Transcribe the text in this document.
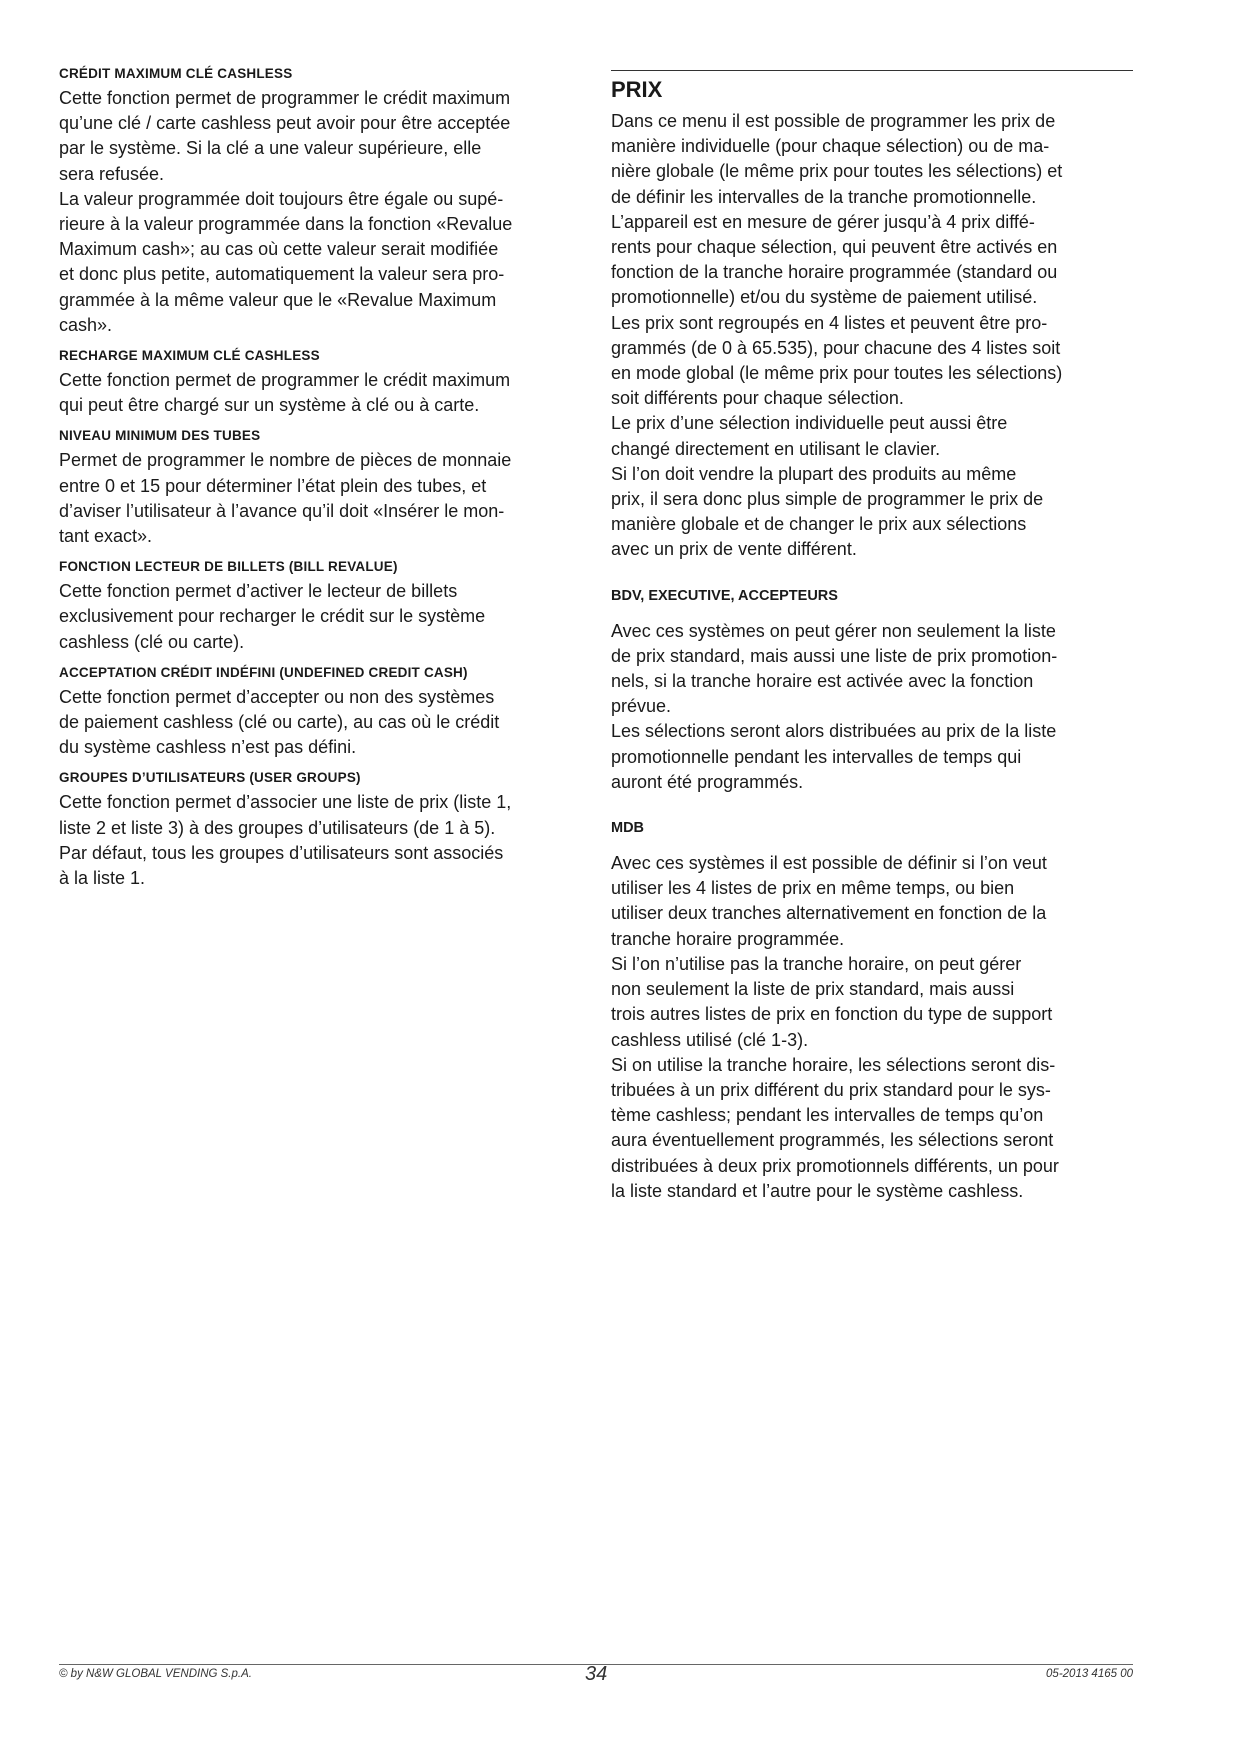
CRÉDIT MAXIMUM CLÉ CASHLESS

Cette fonction permet de programmer le crédit maximum
qu’une clé / carte cashless peut avoir pour être acceptée
par le système. Si la clé a une valeur supérieure, elle
sera refusée.
La valeur programmée doit toujours être égale ou supé-
rieure à la valeur programmée dans la fonction «Revalue
Maximum cash»; au cas où cette valeur serait modifiée
et donc plus petite, automatiquement la valeur sera pro-
grammée à la même valeur que le «Revalue Maximum
cash».

RECHARGE MAXIMUM CLÉ CASHLESS

Cette fonction permet de programmer le crédit maximum
qui peut être chargé sur un système à clé ou à carte.

NIVEAU MINIMUM DES TUBES

Permet de programmer le nombre de pièces de monnaie
entre 0 et 15 pour déterminer l’état plein des tubes, et
d’aviser l’utilisateur à l’avance qu’il doit «Insérer le mon-
tant exact».

FONCTION LECTEUR DE BILLETS (BILL REVALUE)

Cette fonction permet d’activer le lecteur de billets
exclusivement pour recharger le crédit sur le système
cashless (clé ou carte).

ACCEPTATION CRÉDIT INDÉFINI (UNDEFINED CREDIT CASH)

Cette fonction permet d’accepter ou non des systèmes
de paiement cashless (clé ou carte), au cas où le crédit
du système cashless n’est pas défini.

GROUPES D’UTILISATEURS (USER GROUPS)

Cette fonction permet d’associer une liste de prix (liste 1,
liste 2 et liste 3) à des groupes d’utilisateurs (de 1 à 5).
Par défaut, tous les groupes d’utilisateurs sont associés
à la liste 1.

PRIX

Dans ce menu il est possible de programmer les prix de
manière individuelle (pour chaque sélection) ou de ma-
nière globale (le même prix pour toutes les sélections) et
de définir les intervalles de la tranche promotionnelle.
L’appareil est en mesure de gérer jusqu’à 4 prix diffé-
rents pour chaque sélection, qui peuvent être activés en
fonction de la tranche horaire programmée (standard ou
promotionnelle) et/ou du système de paiement utilisé.
Les prix sont regroupés en 4 listes et peuvent être pro-
grammés (de 0 à 65.535), pour chacune des 4 listes soit
en mode global (le même prix pour toutes les sélections)
soit différents pour chaque sélection.
Le prix d’une sélection individuelle peut aussi être
changé directement en utilisant le clavier.
Si l’on doit vendre la plupart des produits au même
prix, il sera donc plus simple de programmer le prix de
manière globale et de changer le prix aux sélections
avec un prix de vente différent.

BDV, EXECUTIVE, ACCEPTEURS

Avec ces systèmes on peut gérer non seulement la liste
de prix standard, mais aussi une liste de prix promotion-
nels, si la tranche horaire est activée avec la fonction
prévue.
Les sélections seront alors distribuées au prix de la liste
promotionnelle pendant les intervalles de temps qui
auront été programmés.

MDB

Avec ces systèmes il est possible de définir si l’on veut
utiliser les 4 listes de prix en même temps, ou bien
utiliser deux tranches alternativement en fonction de la
tranche horaire programmée.
Si l’on n’utilise pas la tranche horaire, on peut gérer
non seulement la liste de prix standard, mais aussi
trois autres listes de prix en fonction du type de support
cashless utilisé (clé 1-3).
Si on utilise la tranche horaire, les sélections seront dis-
tribuées à un prix différent du prix standard pour le sys-
tème cashless; pendant les intervalles de temps qu’on
aura éventuellement programmés, les sélections seront
distribuées à deux prix promotionnels différents, un pour
la liste standard et l’autre pour le système cashless.

© by N&W GLOBAL VENDING S.p.A.	34	05-2013 4165 00
